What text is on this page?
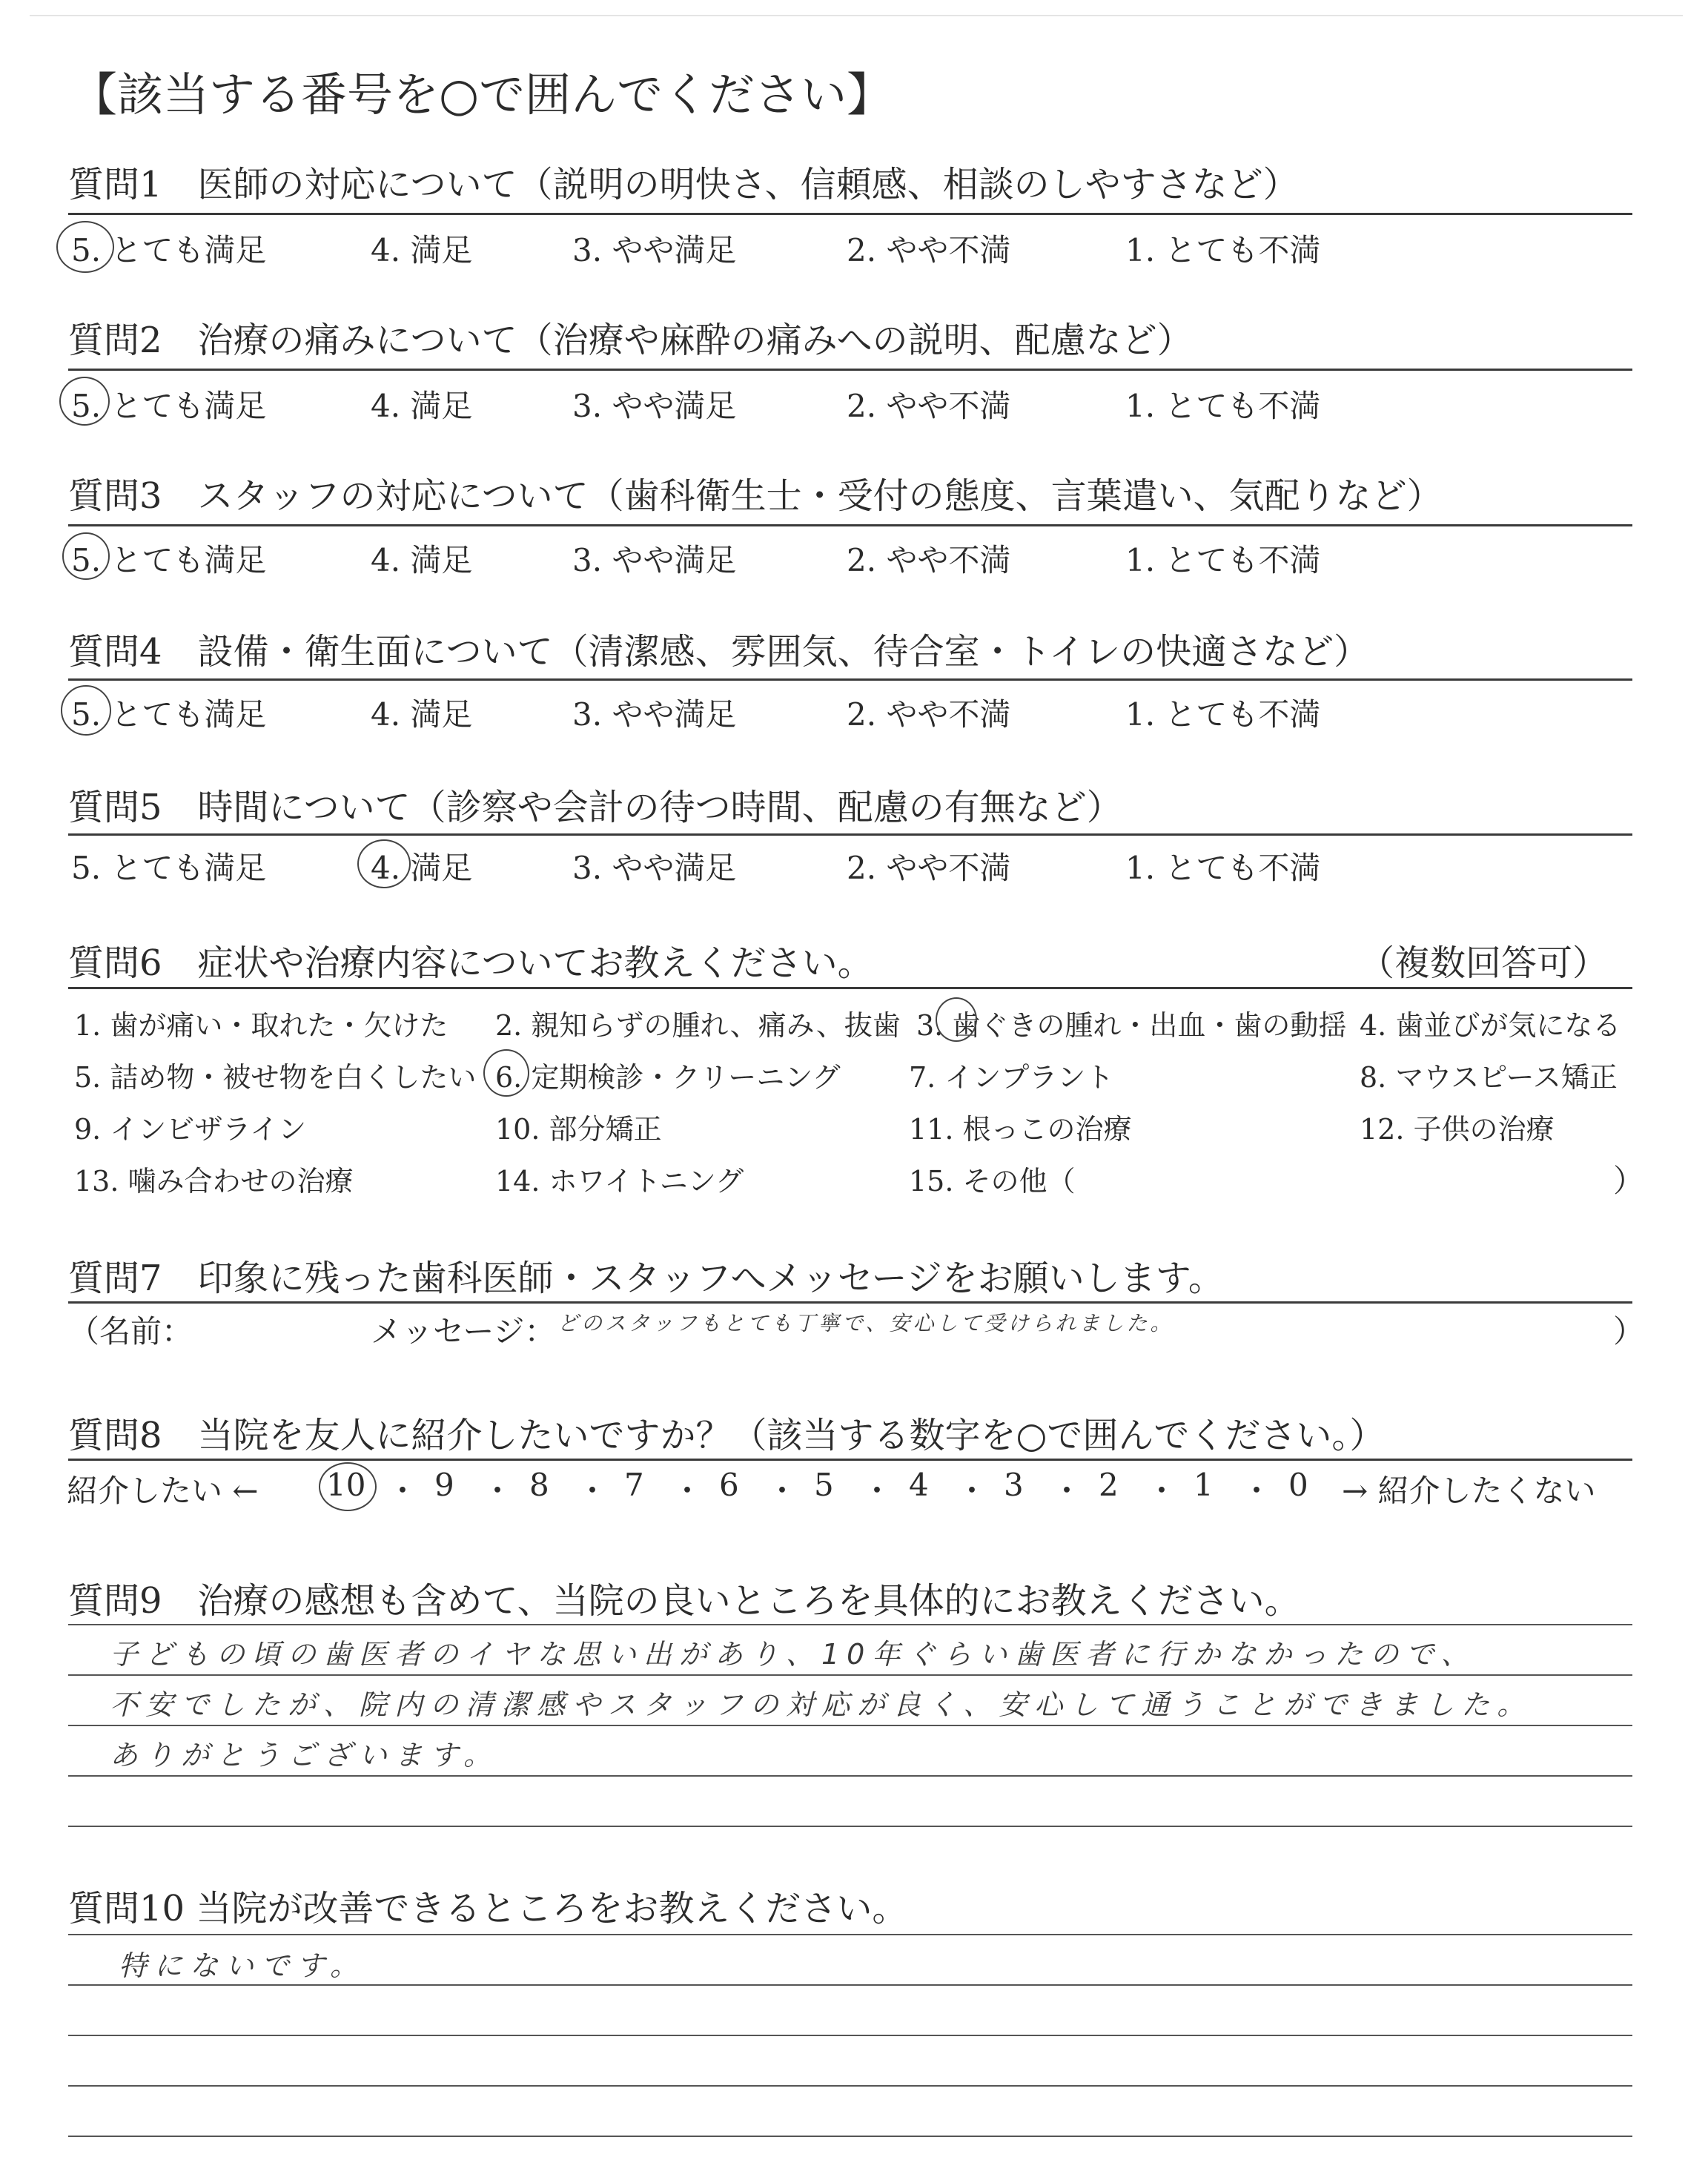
【該当する番号を○で囲んでください】
質問1　医師の対応について（説明の明快さ、信頼感、相談のしやすさなど）
5. とても満足	4. 満足	3. やや満足	2. やや不満	1. とても不満
質問2　治療の痛みについて（治療や麻酔の痛みへの説明、配慮など）
5. とても満足	4. 満足	3. やや満足	2. やや不満	1. とても不満
質問3　スタッフの対応について（歯科衛生士・受付の態度、言葉遣い、気配りなど）
5. とても満足	4. 満足	3. やや満足	2. やや不満	1. とても不満
質問4　設備・衛生面について（清潔感、雰囲気、待合室・トイレの快適さなど）
5. とても満足	4. 満足	3. やや満足	2. やや不満	1. とても不満
質問5　時間について（診察や会計の待つ時間、配慮の有無など）
5. とても満足	4. 満足	3. やや満足	2. やや不満	1. とても不満
質問6　症状や治療内容についてお教えください。	（複数回答可）
1. 歯が痛い・取れた・欠けた 2. 親知らずの腫れ、痛み、抜歯 3. 歯ぐきの腫れ・出血・歯の動揺 4. 歯並びが気になる
5. 詰め物・被せ物を白くしたい 6. 定期検診・クリーニング 7. インプラント	8. マウスピース矯正
9. インビザライン	10. 部分矯正	11. 根っこの治療	12. 子供の治療
13. 噛み合わせの治療	14. ホワイトニング	15. その他（	）
質問7　印象に残った歯科医師・スタッフへメッセージをお願いします。
（名前：	メッセージ： どのスタッフもとても丁寧で、安心して受けられました。	）
質問8　当院を友人に紹介したいですか？（該当する数字を○で囲んでください。）
紹介したい ← 10 ・ 9 ・ 8 ・ 7 ・ 6 ・ 5 ・ 4 ・ 3 ・ 2 ・ 1 ・ 0 → 紹介したくない
質問9　治療の感想も含めて、当院の良いところを具体的にお教えください。
子どもの頃の歯医者のイヤな思い出があり、10年ぐらい歯医者に行かなかったので、
不安でしたが、院内の清潔感やスタッフの対応が良く、安心して通うことができました。
ありがとうございます。
質問10 当院が改善できるところをお教えください。
特にないです。
